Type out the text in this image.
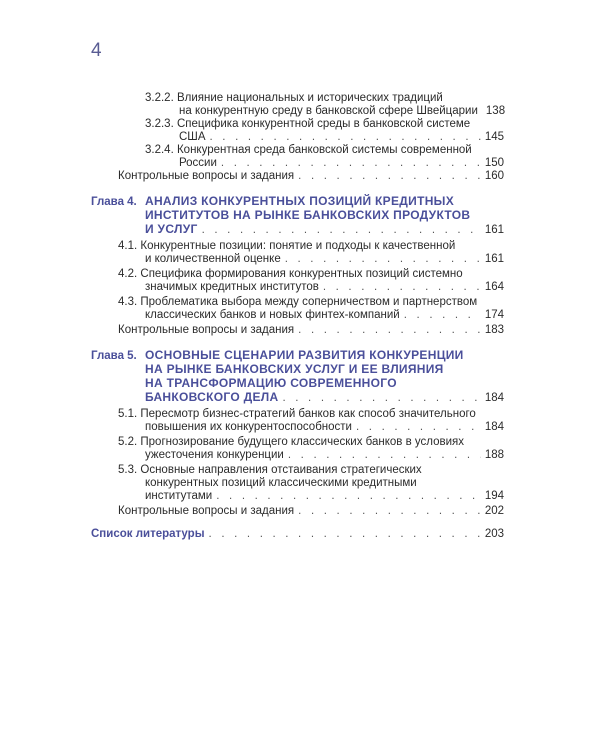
4
3.2.2. Влияние национальных и исторических традиций
на конкурентную среду в банковской сфере Швейцарии 138
3.2.3. Специфика конкурентной среды в банковской системе
США . . .	145
3.2.4. Конкурентная среда банковской системы современной
России . . .	150
Контрольные вопросы и задания . . .	160
Глава 4. АНАЛИЗ КОНКУРЕНТНЫХ ПОЗИЦИЙ КРЕДИТНЫХ
ИНСТИТУТОВ НА РЫНКЕ БАНКОВСКИХ ПРОДУКТОВ
И УСЛУГ . . .	161
4.1. Конкурентные позиции: понятие и подходы к качественной
и количественной оценке . . .	161
4.2. Специфика формирования конкурентных позиций системно
значимых кредитных институтов . . .	164
4.3. Проблематика выбора между соперничеством и партнерством
классических банков и новых финтех-компаний . . .	174
Контрольные вопросы и задания . . .	183
Глава 5. ОСНОВНЫЕ СЦЕНАРИИ РАЗВИТИЯ КОНКУРЕНЦИИ
НА РЫНКЕ БАНКОВСКИХ УСЛУГ И ЕЕ ВЛИЯНИЯ
НА ТРАНСФОРМАЦИЮ СОВРЕМЕННОГО
БАНКОВСКОГО ДЕЛА . . .	184
5.1. Пересмотр бизнес-стратегий банков как способ значительного
повышения их конкурентоспособности . . .	184
5.2. Прогнозирование будущего классических банков в условиях
ужесточения конкуренции . . .	188
5.3. Основные направления отстаивания стратегических
конкурентных позиций классическими кредитными
институтами . . .	194
Контрольные вопросы и задания . . .	202
Список литературы . . .	203
